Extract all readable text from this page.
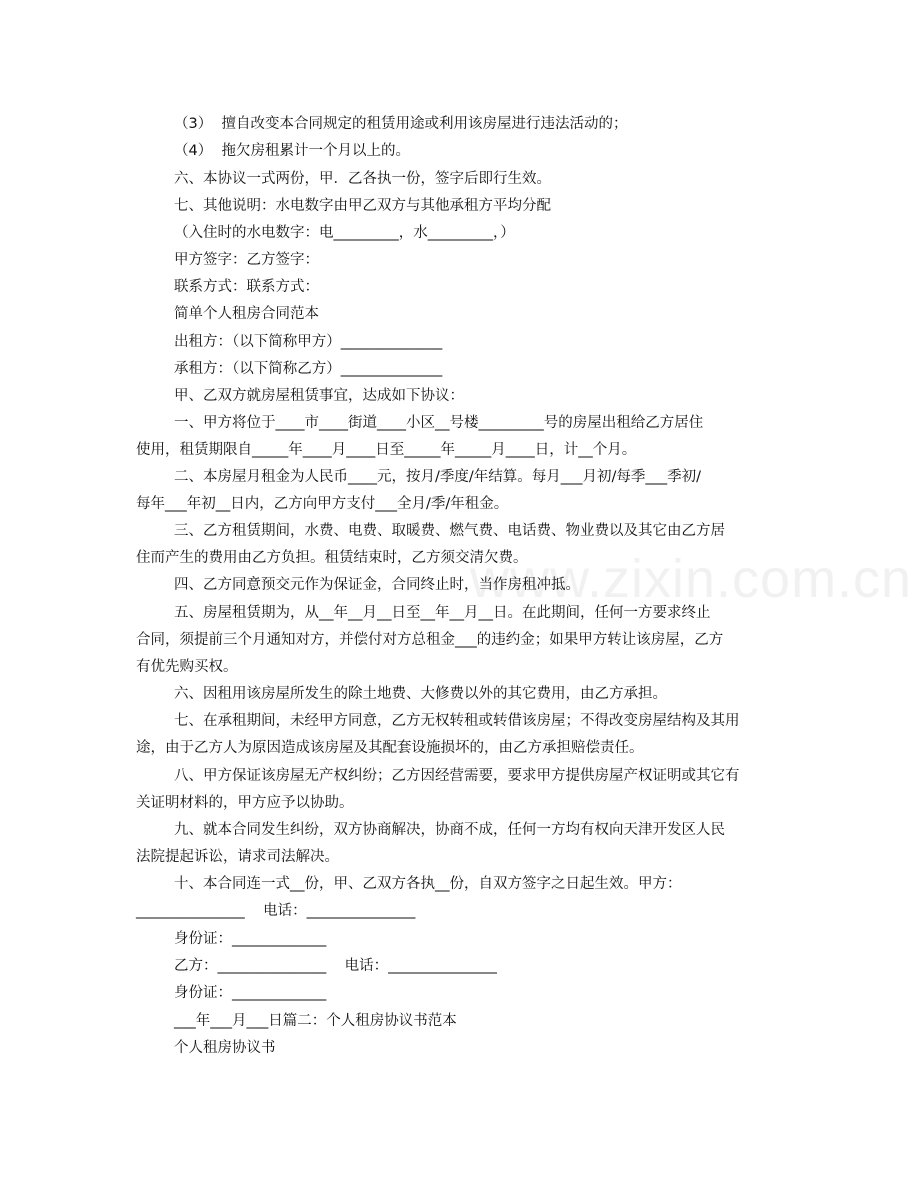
www.zixin.com.cn
（3）  擅自改变本合同规定的租赁用途或利用该房屋进行违法活动的；
（4）  拖欠房租累计一个月以上的。
六、本协议一式两份，甲．乙各执一份，签字后即行生效。
七、其他说明：水电数字由甲乙双方与其他承租方平均分配
（入住时的水电数字：电_________，水_________，）
甲方签字：乙方签字：
联系方式：联系方式：
简单个人租房合同范本
出租方：（以下简称甲方）______________
承租方：（以下简称乙方）______________
甲、乙双方就房屋租赁事宜，达成如下协议：
一、甲方将位于____市____街道____小区__号楼_________号的房屋出租给乙方居住
使用，租赁期限自_____年____月____日至_____年_____月____日，计__个月。
二、本房屋月租金为人民币____元，按月/季度/年结算。每月___月初/每季___季初/
每年___年初__日内，乙方向甲方支付___全月/季/年租金。
三、乙方租赁期间，水费、电费、取暖费、燃气费、电话费、物业费以及其它由乙方居
住而产生的费用由乙方负担。租赁结束时，乙方须交清欠费。
四、乙方同意预交元作为保证金，合同终止时，当作房租冲抵。
五、房屋租赁期为，从__年__月__日至__年__月__日。在此期间，任何一方要求终止
合同，须提前三个月通知对方，并偿付对方总租金___的违约金；如果甲方转让该房屋，乙方
有优先购买权。
六、因租用该房屋所发生的除土地费、大修费以外的其它费用，由乙方承担。
七、在承租期间，未经甲方同意，乙方无权转租或转借该房屋；不得改变房屋结构及其用
途，由于乙方人为原因造成该房屋及其配套设施损坏的，由乙方承担赔偿责任。
八、甲方保证该房屋无产权纠纷；乙方因经营需要，要求甲方提供房屋产权证明或其它有
关证明材料的，甲方应予以协助。
九、就本合同发生纠纷，双方协商解决，协商不成，任何一方均有权向天津开发区人民
法院提起诉讼，请求司法解决。
十、本合同连一式__份，甲、乙双方各执__份，自双方签字之日起生效。甲方：
_______________    电话：_______________
身份证：_____________
乙方：_______________    电话：_______________
身份证：_____________
___年___月___日篇二：个人租房协议书范本
个人租房协议书
